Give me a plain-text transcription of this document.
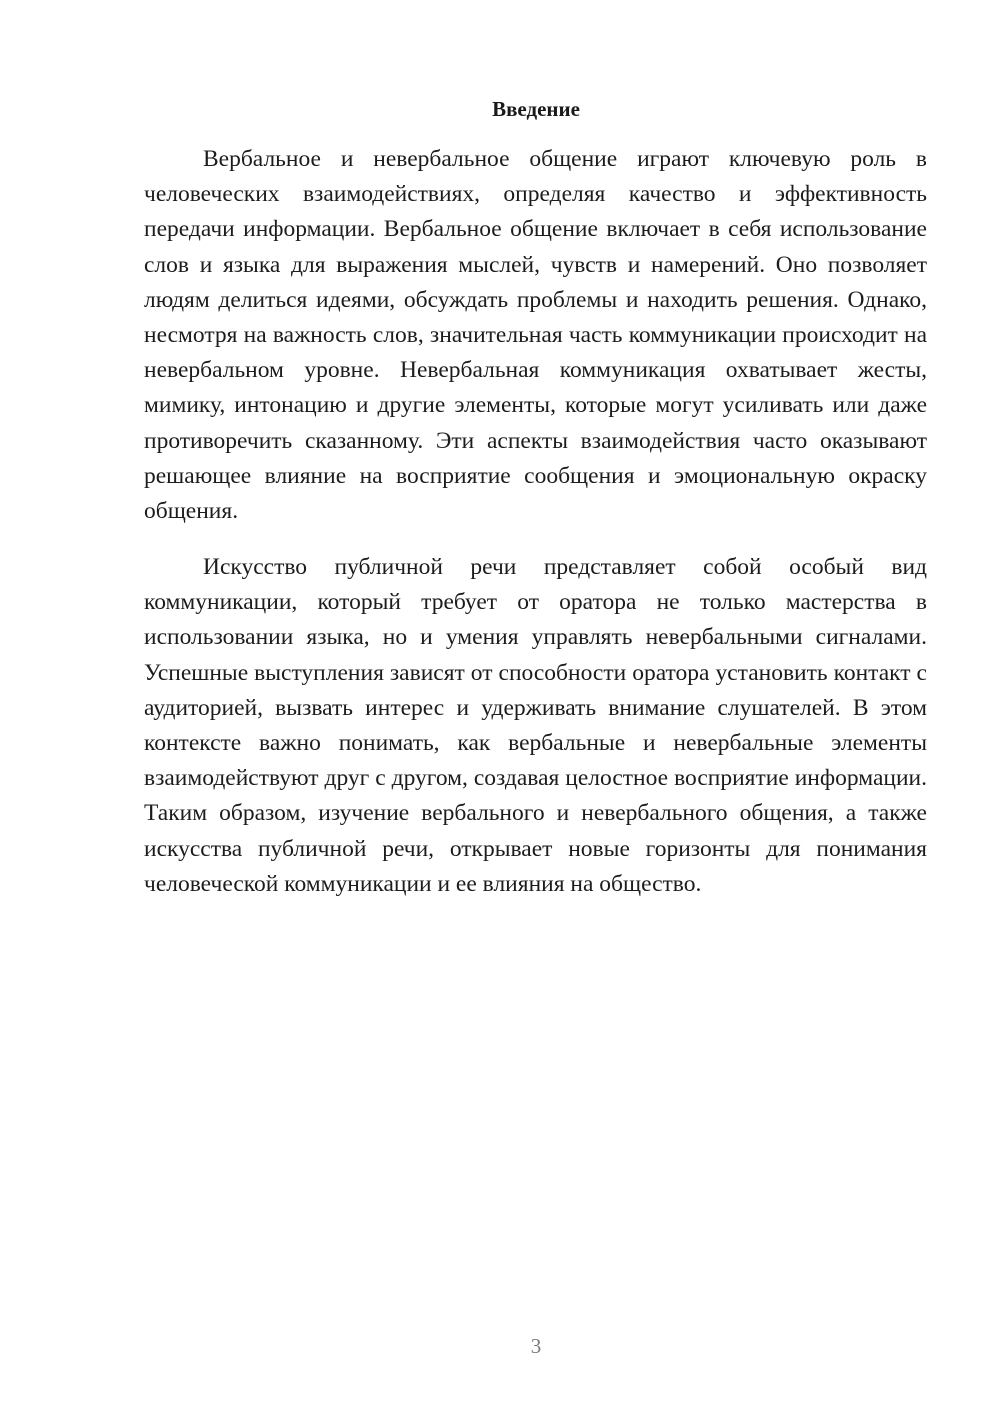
Введение

Вербальное и невербальное общение играют ключевую роль в человеческих взаимодействиях, определяя качество и эффективность передачи информации. Вербальное общение включает в себя использование слов и языка для выражения мыслей, чувств и намерений. Оно позволяет людям делиться идеями, обсуждать проблемы и находить решения. Однако, несмотря на важность слов, значительная часть коммуникации происходит на невербальном уровне. Невербальная коммуникация охватывает жесты, мимику, интонацию и другие элементы, которые могут усиливать или даже противоречить сказанному. Эти аспекты взаимодействия часто оказывают решающее влияние на восприятие сообщения и эмоциональную окраску общения.

Искусство публичной речи представляет собой особый вид коммуникации, который требует от оратора не только мастерства в использовании языка, но и умения управлять невербальными сигналами. Успешные выступления зависят от способности оратора установить контакт с аудиторией, вызвать интерес и удерживать внимание слушателей. В этом контексте важно понимать, как вербальные и невербальные элементы взаимодействуют друг с другом, создавая целостное восприятие информации. Таким образом, изучение вербального и невербального общения, а также искусства публичной речи, открывает новые горизонты для понимания человеческой коммуникации и ее влияния на общество.

3
